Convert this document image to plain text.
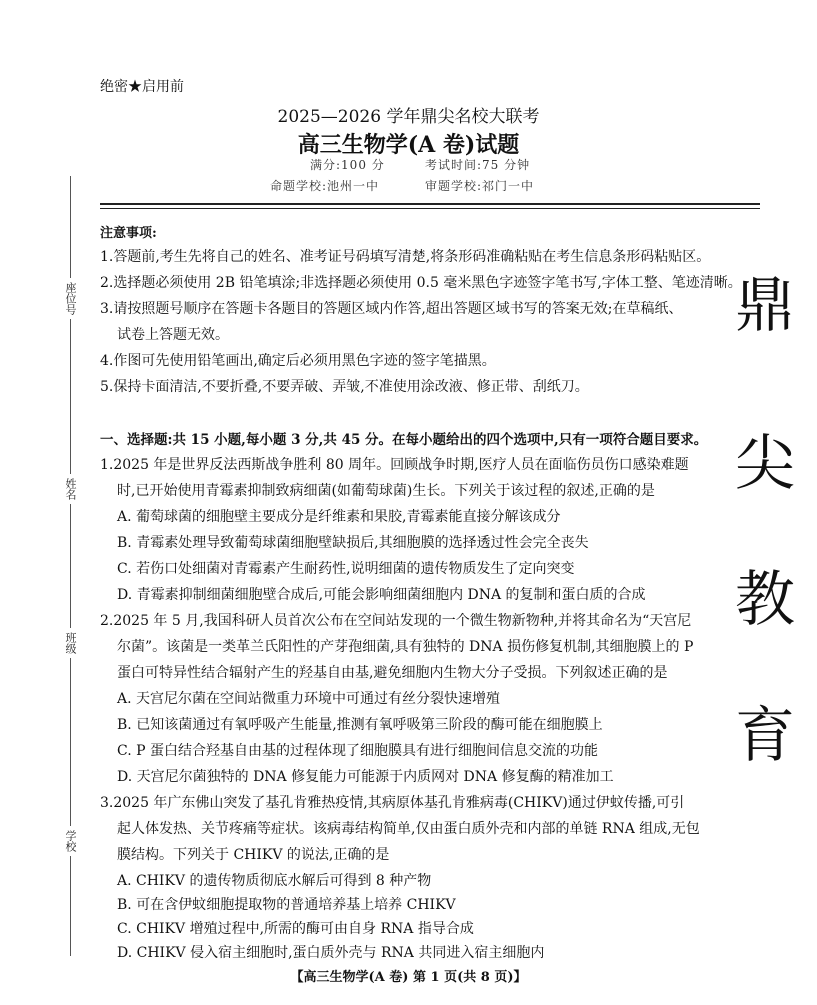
绝密★启用前
2025—2026 学年鼎尖名校大联考
高三生物学(A 卷)试题
满分:100 分	考试时间:75 分钟
命题学校:池州一中	审题学校:祁门一中
座位号
姓名
班级
学校
鼎
尖
教
育
注意事项:
1.答题前,考生先将自己的姓名、准考证号码填写清楚,将条形码准确粘贴在考生信息条形码粘贴区。
2.选择题必须使用 2B 铅笔填涂;非选择题必须使用 0.5 毫米黑色字迹签字笔书写,字体工整、笔迹清晰。
3.请按照题号顺序在答题卡各题目的答题区域内作答,超出答题区域书写的答案无效;在草稿纸、
试卷上答题无效。
4.作图可先使用铅笔画出,确定后必须用黑色字迹的签字笔描黑。
5.保持卡面清洁,不要折叠,不要弄破、弄皱,不准使用涂改液、修正带、刮纸刀。
一、选择题:共 15 小题,每小题 3 分,共 45 分。在每小题给出的四个选项中,只有一项符合题目要求。
1.2025 年是世界反法西斯战争胜利 80 周年。回顾战争时期,医疗人员在面临伤员伤口感染难题
时,已开始使用青霉素抑制致病细菌(如葡萄球菌)生长。下列关于该过程的叙述,正确的是
A. 葡萄球菌的细胞壁主要成分是纤维素和果胶,青霉素能直接分解该成分
B. 青霉素处理导致葡萄球菌细胞壁缺损后,其细胞膜的选择透过性会完全丧失
C. 若伤口处细菌对青霉素产生耐药性,说明细菌的遗传物质发生了定向突变
D. 青霉素抑制细菌细胞壁合成后,可能会影响细菌细胞内 DNA 的复制和蛋白质的合成
2.2025 年 5 月,我国科研人员首次公布在空间站发现的一个微生物新物种,并将其命名为“天宫尼
尔菌”。该菌是一类革兰氏阳性的产芽孢细菌,具有独特的 DNA 损伤修复机制,其细胞膜上的 P
蛋白可特异性结合辐射产生的羟基自由基,避免细胞内生物大分子受损。下列叙述正确的是
A. 天宫尼尔菌在空间站微重力环境中可通过有丝分裂快速增殖
B. 已知该菌通过有氧呼吸产生能量,推测有氧呼吸第三阶段的酶可能在细胞膜上
C. P 蛋白结合羟基自由基的过程体现了细胞膜具有进行细胞间信息交流的功能
D. 天宫尼尔菌独特的 DNA 修复能力可能源于内质网对 DNA 修复酶的精准加工
3.2025 年广东佛山突发了基孔肯雅热疫情,其病原体基孔肯雅病毒(CHIKV)通过伊蚊传播,可引
起人体发热、关节疼痛等症状。该病毒结构简单,仅由蛋白质外壳和内部的单链 RNA 组成,无包
膜结构。下列关于 CHIKV 的说法,正确的是
A. CHIKV 的遗传物质彻底水解后可得到 8 种产物
B. 可在含伊蚊细胞提取物的普通培养基上培养 CHIKV
C. CHIKV 增殖过程中,所需的酶可由自身 RNA 指导合成
【高三生物学(A 卷) 第 1 页(共 8 页)】
D. CHIKV 侵入宿主细胞时,蛋白质外壳与 RNA 共同进入宿主细胞内
